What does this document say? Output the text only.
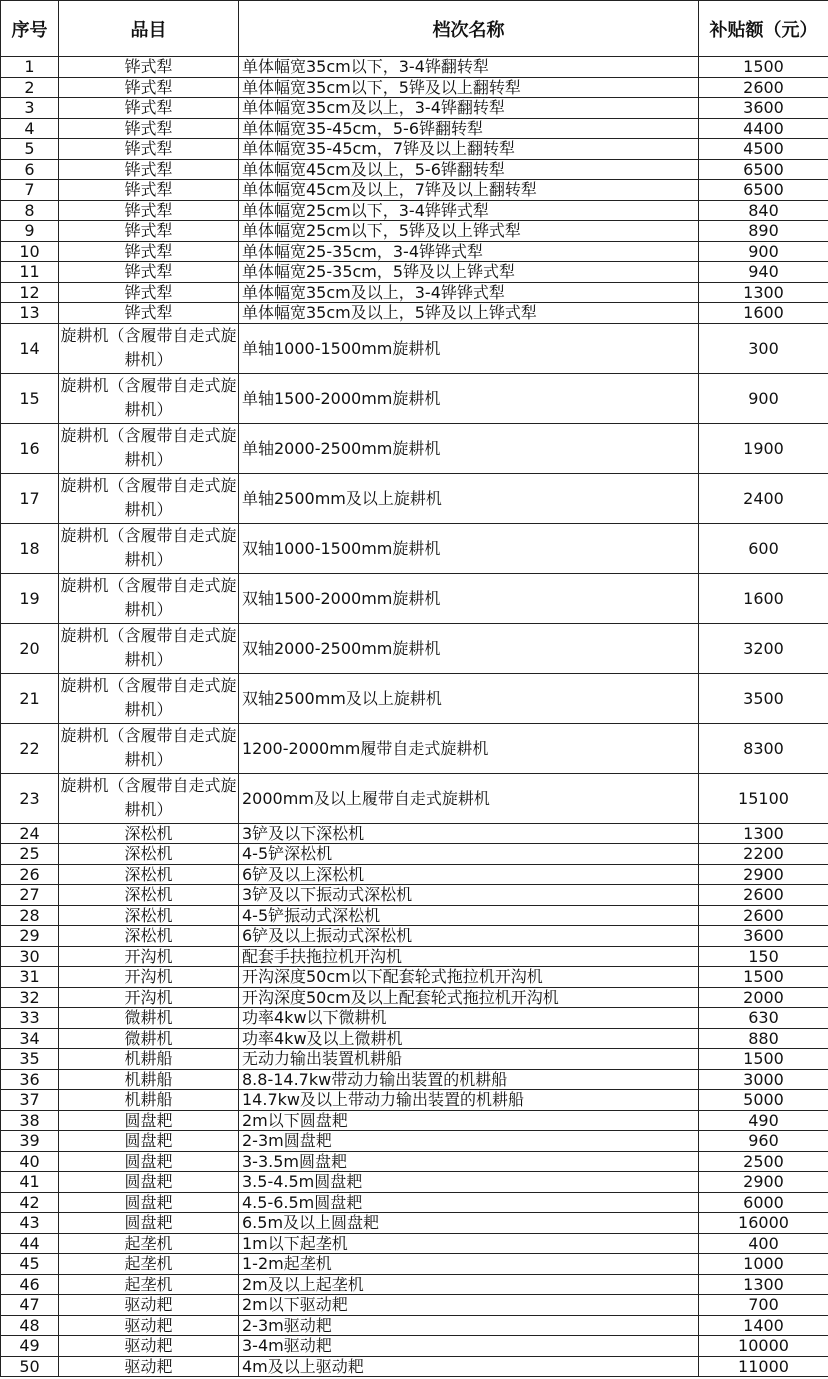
序号	品目	档次名称	补贴额（元）
1	铧式犁	单体幅宽35cm以下，3-4铧翻转犁	1500
2	铧式犁	单体幅宽35cm以下，5铧及以上翻转犁	2600
3	铧式犁	单体幅宽35cm及以上，3-4铧翻转犁	3600
4	铧式犁	单体幅宽35-45cm，5-6铧翻转犁	4400
5	铧式犁	单体幅宽35-45cm，7铧及以上翻转犁	4500
6	铧式犁	单体幅宽45cm及以上，5-6铧翻转犁	6500
7	铧式犁	单体幅宽45cm及以上，7铧及以上翻转犁	6500
8	铧式犁	单体幅宽25cm以下，3-4铧铧式犁	840
9	铧式犁	单体幅宽25cm以下，5铧及以上铧式犁	890
10	铧式犁	单体幅宽25-35cm，3-4铧铧式犁	900
11	铧式犁	单体幅宽25-35cm，5铧及以上铧式犁	940
12	铧式犁	单体幅宽35cm及以上，3-4铧铧式犁	1300
13	铧式犁	单体幅宽35cm及以上，5铧及以上铧式犁	1600
14	旋耕机（含履带自走式旋耕机）	单轴1000-1500mm旋耕机	300
15	旋耕机（含履带自走式旋耕机）	单轴1500-2000mm旋耕机	900
16	旋耕机（含履带自走式旋耕机）	单轴2000-2500mm旋耕机	1900
17	旋耕机（含履带自走式旋耕机）	单轴2500mm及以上旋耕机	2400
18	旋耕机（含履带自走式旋耕机）	双轴1000-1500mm旋耕机	600
19	旋耕机（含履带自走式旋耕机）	双轴1500-2000mm旋耕机	1600
20	旋耕机（含履带自走式旋耕机）	双轴2000-2500mm旋耕机	3200
21	旋耕机（含履带自走式旋耕机）	双轴2500mm及以上旋耕机	3500
22	旋耕机（含履带自走式旋耕机）	1200-2000mm履带自走式旋耕机	8300
23	旋耕机（含履带自走式旋耕机）	2000mm及以上履带自走式旋耕机	15100
24	深松机	3铲及以下深松机	1300
25	深松机	4-5铲深松机	2200
26	深松机	6铲及以上深松机	2900
27	深松机	3铲及以下振动式深松机	2600
28	深松机	4-5铲振动式深松机	2600
29	深松机	6铲及以上振动式深松机	3600
30	开沟机	配套手扶拖拉机开沟机	150
31	开沟机	开沟深度50cm以下配套轮式拖拉机开沟机	1500
32	开沟机	开沟深度50cm及以上配套轮式拖拉机开沟机	2000
33	微耕机	功率4kw以下微耕机	630
34	微耕机	功率4kw及以上微耕机	880
35	机耕船	无动力输出装置机耕船	1500
36	机耕船	8.8-14.7kw带动力输出装置的机耕船	3000
37	机耕船	14.7kw及以上带动力输出装置的机耕船	5000
38	圆盘耙	2m以下圆盘耙	490
39	圆盘耙	2-3m圆盘耙	960
40	圆盘耙	3-3.5m圆盘耙	2500
41	圆盘耙	3.5-4.5m圆盘耙	2900
42	圆盘耙	4.5-6.5m圆盘耙	6000
43	圆盘耙	6.5m及以上圆盘耙	16000
44	起垄机	1m以下起垄机	400
45	起垄机	1-2m起垄机	1000
46	起垄机	2m及以上起垄机	1300
47	驱动耙	2m以下驱动耙	700
48	驱动耙	2-3m驱动耙	1400
49	驱动耙	3-4m驱动耙	10000
50	驱动耙	4m及以上驱动耙	11000
